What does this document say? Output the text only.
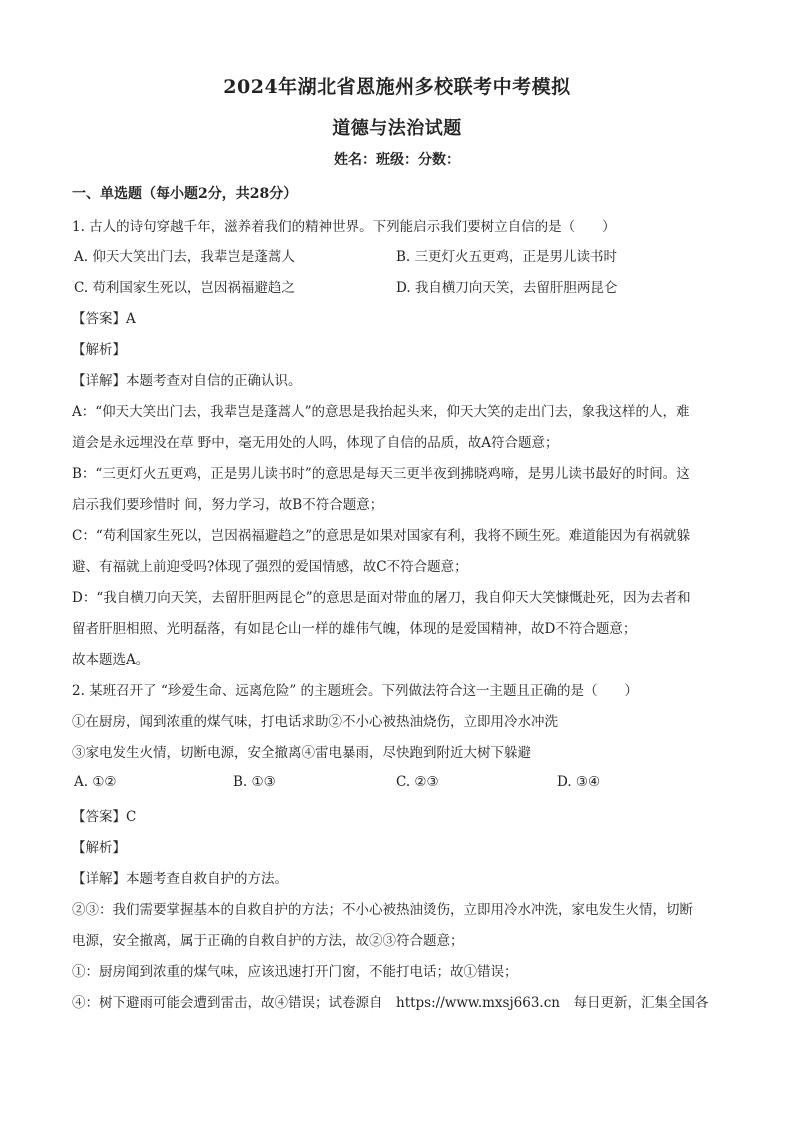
2024年湖北省恩施州多校联考中考模拟
道德与法治试题
姓名：班级：分数：
一、单选题（每小题2分，共28分）
1. 古人的诗句穿越千年，滋养着我们的精神世界。下列能启示我们要树立自信的是（　　）
A. 仰天大笑出门去，我辈岂是蓬蒿人	B. 三更灯火五更鸡，正是男儿读书时
C. 苟利国家生死以，岂因祸福避趋之	D. 我自横刀向天笑，去留肝胆两昆仑
【答案】A
【解析】
【详解】本题考查对自信的正确认识。
A：“仰天大笑出门去，我辈岂是蓬蒿人”的意思是我抬起头来，仰天大笑的走出门去，象我这样的人，难
道会是永远埋没在草 野中，毫无用处的人吗，体现了自信的品质，故A符合题意；
B：“三更灯火五更鸡，正是男儿读书时”的意思是每天三更半夜到拂晓鸡啼，是男儿读书最好的时间。这
启示我们要珍惜时 间，努力学习，故B不符合题意；
C：“苟利国家生死以，岂因祸福避趋之”的意思是如果对国家有利，我将不顾生死。难道能因为有祸就躲
避、有福就上前迎受吗?体现了强烈的爱国情感，故C不符合题意；
D：“我自横刀向天笑，去留肝胆两昆仑”的意思是面对带血的屠刀，我自仰天大笑慷慨赴死，因为去者和
留者肝胆相照、光明磊落，有如昆仑山一样的雄伟气魄，体现的是爱国精神，故D不符合题意；
故本题选A。
2. 某班召开了 “珍爱生命、远离危险” 的主题班会。下列做法符合这一主题且正确的是（　　）
①在厨房，闻到浓重的煤气味，打电话求助②不小心被热油烧伤，立即用冷水冲洗
③家电发生火情，切断电源，安全撤离④雷电暴雨，尽快跑到附近大树下躲避
A. ①②	B. ①③	C. ②③	D. ③④
【答案】C
【解析】
【详解】本题考查自救自护的方法。
②③：我们需要掌握基本的自救自护的方法；不小心被热油烫伤，立即用冷水冲洗，家电发生火情，切断
电源，安全撤离，属于正确的自救自护的方法，故②③符合题意；
①：厨房闻到浓重的煤气味，应该迅速打开门窗，不能打电话；故①错误；
④：树下避雨可能会遭到雷击，故④错误；试卷源自　https://www.mxsj663.cn　每日更新，汇集全国各
